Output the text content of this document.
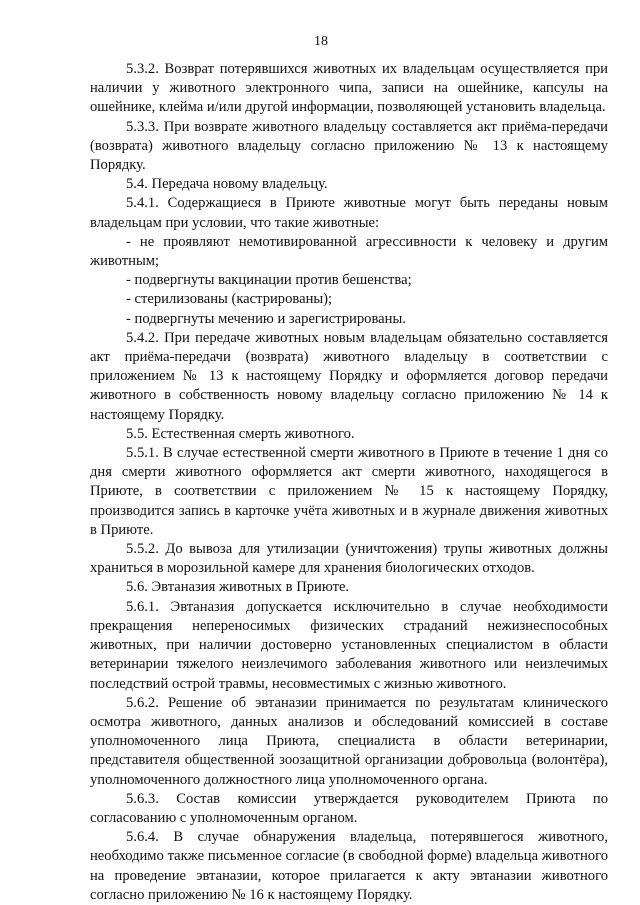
18

5.3.2. Возврат потерявшихся животных их владельцам осуществляется при наличии у животного электронного чипа, записи на ошейнике, капсулы на ошейнике, клейма и/или другой информации, позволяющей установить владельца.

5.3.3. При возврате животного владельцу составляется акт приёма-передачи (возврата) животного владельцу согласно приложению № 13 к настоящему Порядку.

5.4. Передача новому владельцу.

5.4.1. Содержащиеся в Приюте животные могут быть переданы новым владельцам при условии, что такие животные:

- не проявляют немотивированной агрессивности к человеку и другим животным;

- подвергнуты вакцинации против бешенства;

- стерилизованы (кастрированы);

- подвергнуты мечению и зарегистрированы.

5.4.2. При передаче животных новым владельцам обязательно составляется акт приёма-передачи (возврата) животного владельцу в соответствии с приложением № 13 к настоящему Порядку и оформляется договор передачи животного в собственность новому владельцу согласно приложению № 14 к настоящему Порядку.

5.5. Естественная смерть животного.

5.5.1. В случае естественной смерти животного в Приюте в течение 1 дня со дня смерти животного оформляется акт смерти животного, находящегося в Приюте, в соответствии с приложением № 15 к настоящему Порядку, производится запись в карточке учёта животных и в журнале движения животных в Приюте.

5.5.2. До вывоза для утилизации (уничтожения) трупы животных должны храниться в морозильной камере для хранения биологических отходов.

5.6. Эвтаназия животных в Приюте.

5.6.1. Эвтаназия допускается исключительно в случае необходимости прекращения непереносимых физических страданий нежизнеспособных животных, при наличии достоверно установленных специалистом в области ветеринарии тяжелого неизлечимого заболевания животного или неизлечимых последствий острой травмы, несовместимых с жизнью животного.

5.6.2. Решение об эвтаназии принимается по результатам клинического осмотра животного, данных анализов и обследований комиссией в составе уполномоченного лица Приюта, специалиста в области ветеринарии, представителя общественной зоозащитной организации добровольца (волонтёра), уполномоченного должностного лица уполномоченного органа.

5.6.3. Состав комиссии утверждается руководителем Приюта по согласованию с уполномоченным органом.

5.6.4. В случае обнаружения владельца, потерявшегося животного, необходимо также письменное согласие (в свободной форме) владельца животного на проведение эвтаназии, которое прилагается к акту эвтаназии животного согласно приложению № 16 к настоящему Порядку.
